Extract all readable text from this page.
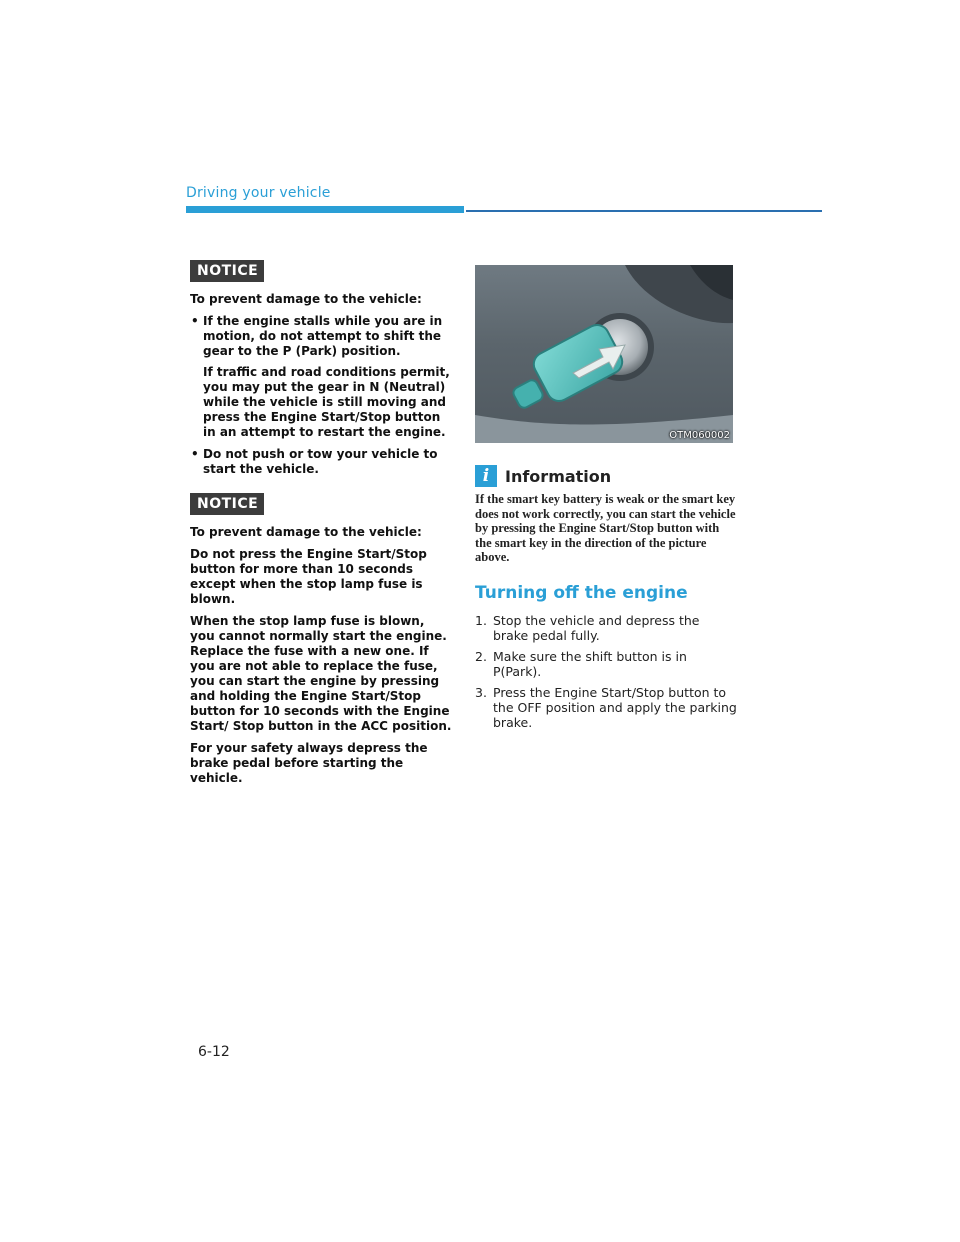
Driving your vehicle
NOTICE

To prevent damage to the vehicle:

• If the engine stalls while you are in motion, do not attempt to shift the gear to the P (Park) position.
If traffic and road conditions permit, you may put the gear in N (Neutral) while the vehicle is still moving and press the Engine Start/Stop button in an attempt to restart the engine.
• Do not push or tow your vehicle to start the vehicle.
NOTICE

To prevent damage to the vehicle:

Do not press the Engine Start/Stop button for more than 10 seconds except when the stop lamp fuse is blown.

When the stop lamp fuse is blown, you cannot normally start the engine. Replace the fuse with a new one. If you are not able to replace the fuse, you can start the engine by pressing and holding the Engine Start/Stop button for 10 seconds with the Engine Start/ Stop button in the ACC position.

For your safety always depress the brake pedal before starting the vehicle.

OTM060002
i Information
If the smart key battery is weak or the smart key does not work correctly, you can start the vehicle by pressing the Engine Start/Stop button with the smart key in the direction of the picture above.
Turning off the engine
1. Stop the vehicle and depress the brake pedal fully.
2. Make sure the shift button is in P(Park).
3. Press the Engine Start/Stop button to the OFF position and apply the parking brake.
6-12
